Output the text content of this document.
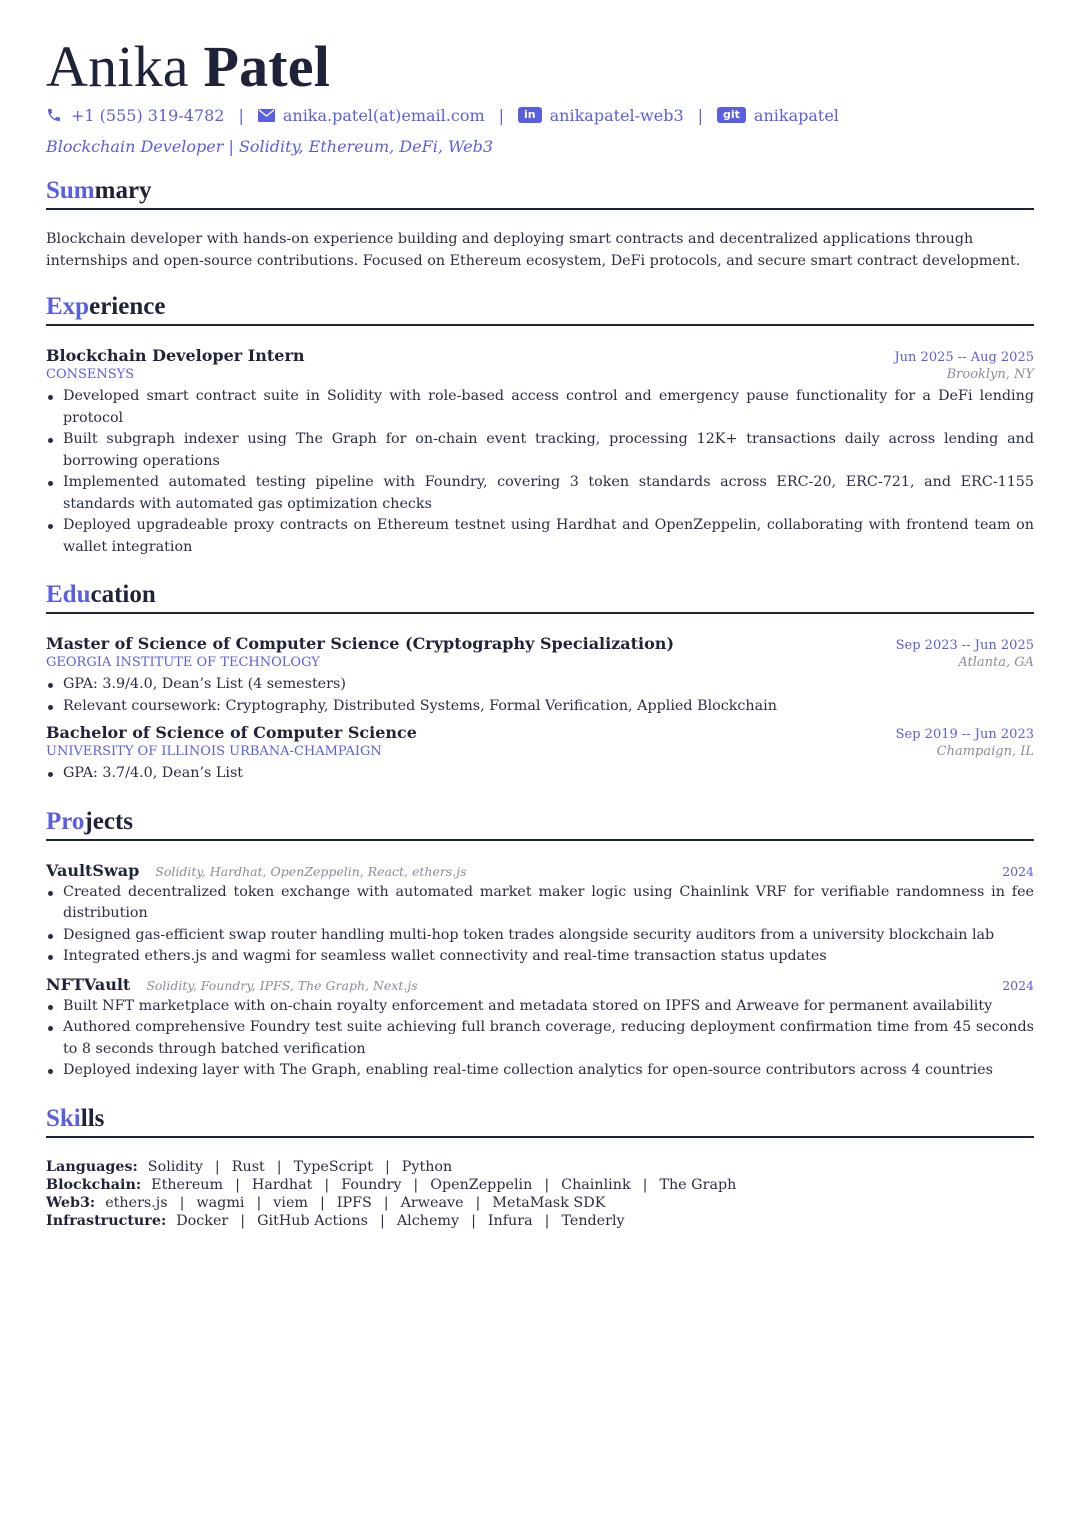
Anika Patel
+1 (555) 319-4782 | anika.patel(at)email.com |	in anikapatel-web3 |	git anikapatel
Blockchain Developer | Solidity, Ethereum, DeFi, Web3
Summary
Blockchain developer with hands-on experience building and deploying smart contracts and decentralized applications through internships and open-source contributions. Focused on Ethereum ecosystem, DeFi protocols, and secure smart contract development.
Experience
Blockchain Developer Intern	Jun 2025 -- Aug 2025
CONSENSYS	Brooklyn, NY
Developed smart contract suite in Solidity with role-based access control and emergency pause functionality for a DeFi lending protocol
Built subgraph indexer using The Graph for on-chain event tracking, processing 12K+ transactions daily across lending and borrowing operations
Implemented automated testing pipeline with Foundry, covering 3 token standards across ERC-20, ERC-721, and ERC-1155 standards with automated gas optimization checks
Deployed upgradeable proxy contracts on Ethereum testnet using Hardhat and OpenZeppelin, collaborating with frontend team on wallet integration
Education
Master of Science of Computer Science (Cryptography Specialization)	Sep 2023 -- Jun 2025
GEORGIA INSTITUTE OF TECHNOLOGY	Atlanta, GA
GPA: 3.9/4.0, Dean’s List (4 semesters)
Relevant coursework: Cryptography, Distributed Systems, Formal Verification, Applied Blockchain
Bachelor of Science of Computer Science	Sep 2019 -- Jun 2023
UNIVERSITY OF ILLINOIS URBANA-CHAMPAIGN	Champaign, IL
GPA: 3.7/4.0, Dean’s List
Projects
VaultSwap Solidity, Hardhat, OpenZeppelin, React, ethers.js	2024
Created decentralized token exchange with automated market maker logic using Chainlink VRF for verifiable randomness in fee distribution
Designed gas-efficient swap router handling multi-hop token trades alongside security auditors from a university blockchain lab
Integrated ethers.js and wagmi for seamless wallet connectivity and real-time transaction status updates
NFTVault Solidity, Foundry, IPFS, The Graph, Next.js	2024
Built NFT marketplace with on-chain royalty enforcement and metadata stored on IPFS and Arweave for permanent availability
Authored comprehensive Foundry test suite achieving full branch coverage, reducing deployment confirmation time from 45 seconds to 8 seconds through batched verification
Deployed indexing layer with The Graph, enabling real-time collection analytics for open-source contributors across 4 countries
Skills
Languages: Solidity | Rust | TypeScript | Python
Blockchain: Ethereum | Hardhat | Foundry | OpenZeppelin | Chainlink | The Graph
Web3: ethers.js | wagmi | viem | IPFS | Arweave | MetaMask SDK
Infrastructure: Docker | GitHub Actions | Alchemy | Infura | Tenderly
